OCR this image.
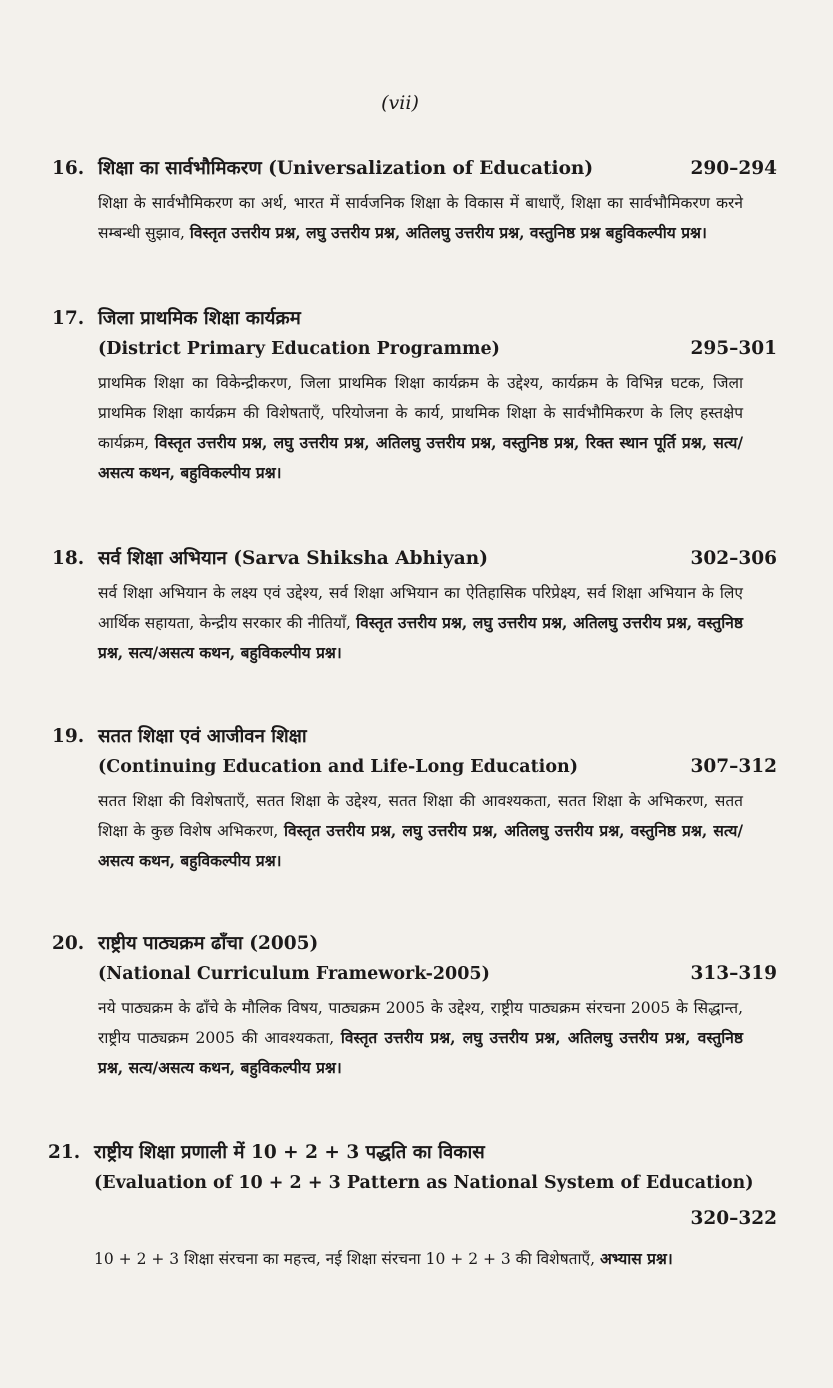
(vii)
16. शिक्षा का सार्वभौमिकरण (Universalization of Education)	290–294
शिक्षा के सार्वभौमिकरण का अर्थ, भारत में सार्वजनिक शिक्षा के विकास में बाधाएँ, शिक्षा का सार्वभौमिकरण करने सम्बन्धी सुझाव, विस्तृत उत्तरीय प्रश्न, लघु उत्तरीय प्रश्न, अतिलघु उत्तरीय प्रश्न, वस्तुनिष्ठ प्रश्न बहुविकल्पीय प्रश्न।
17. जिला प्राथमिक शिक्षा कार्यक्रम
(District Primary Education Programme)	295–301
प्राथमिक शिक्षा का विकेन्द्रीकरण, जिला प्राथमिक शिक्षा कार्यक्रम के उद्देश्य, कार्यक्रम के विभिन्न घटक, जिला प्राथमिक शिक्षा कार्यक्रम की विशेषताएँ, परियोजना के कार्य, प्राथमिक शिक्षा के सार्वभौमिकरण के लिए हस्तक्षेप कार्यक्रम, विस्तृत उत्तरीय प्रश्न, लघु उत्तरीय प्रश्न, अतिलघु उत्तरीय प्रश्न, वस्तुनिष्ठ प्रश्न, रिक्त स्थान पूर्ति प्रश्न, सत्य/असत्य कथन, बहुविकल्पीय प्रश्न।
18. सर्व शिक्षा अभियान (Sarva Shiksha Abhiyan)	302–306
सर्व शिक्षा अभियान के लक्ष्य एवं उद्देश्य, सर्व शिक्षा अभियान का ऐतिहासिक परिप्रेक्ष्य, सर्व शिक्षा अभियान के लिए आर्थिक सहायता, केन्द्रीय सरकार की नीतियाँ, विस्तृत उत्तरीय प्रश्न, लघु उत्तरीय प्रश्न, अतिलघु उत्तरीय प्रश्न, वस्तुनिष्ठ प्रश्न, सत्य/असत्य कथन, बहुविकल्पीय प्रश्न।
19. सतत शिक्षा एवं आजीवन शिक्षा
(Continuing Education and Life-Long Education)	307–312
सतत शिक्षा की विशेषताएँ, सतत शिक्षा के उद्देश्य, सतत शिक्षा की आवश्यकता, सतत शिक्षा के अभिकरण, सतत शिक्षा के कुछ विशेष अभिकरण, विस्तृत उत्तरीय प्रश्न, लघु उत्तरीय प्रश्न, अतिलघु उत्तरीय प्रश्न, वस्तुनिष्ठ प्रश्न, सत्य/असत्य कथन, बहुविकल्पीय प्रश्न।
20. राष्ट्रीय पाठ्यक्रम ढाँचा (2005)
(National Curriculum Framework-2005)	313–319
नये पाठ्यक्रम के ढाँचे के मौलिक विषय, पाठ्यक्रम 2005 के उद्देश्य, राष्ट्रीय पाठ्यक्रम संरचना 2005 के सिद्धान्त, राष्ट्रीय पाठ्यक्रम 2005 की आवश्यकता, विस्तृत उत्तरीय प्रश्न, लघु उत्तरीय प्रश्न, अतिलघु उत्तरीय प्रश्न, वस्तुनिष्ठ प्रश्न, सत्य/असत्य कथन, बहुविकल्पीय प्रश्न।
21. राष्ट्रीय शिक्षा प्रणाली में 10 + 2 + 3 पद्धति का विकास
(Evaluation of 10 + 2 + 3 Pattern as National System of Education)
320–322
10 + 2 + 3 शिक्षा संरचना का महत्त्व, नई शिक्षा संरचना 10 + 2 + 3 की विशेषताएँ, अभ्यास प्रश्न।
